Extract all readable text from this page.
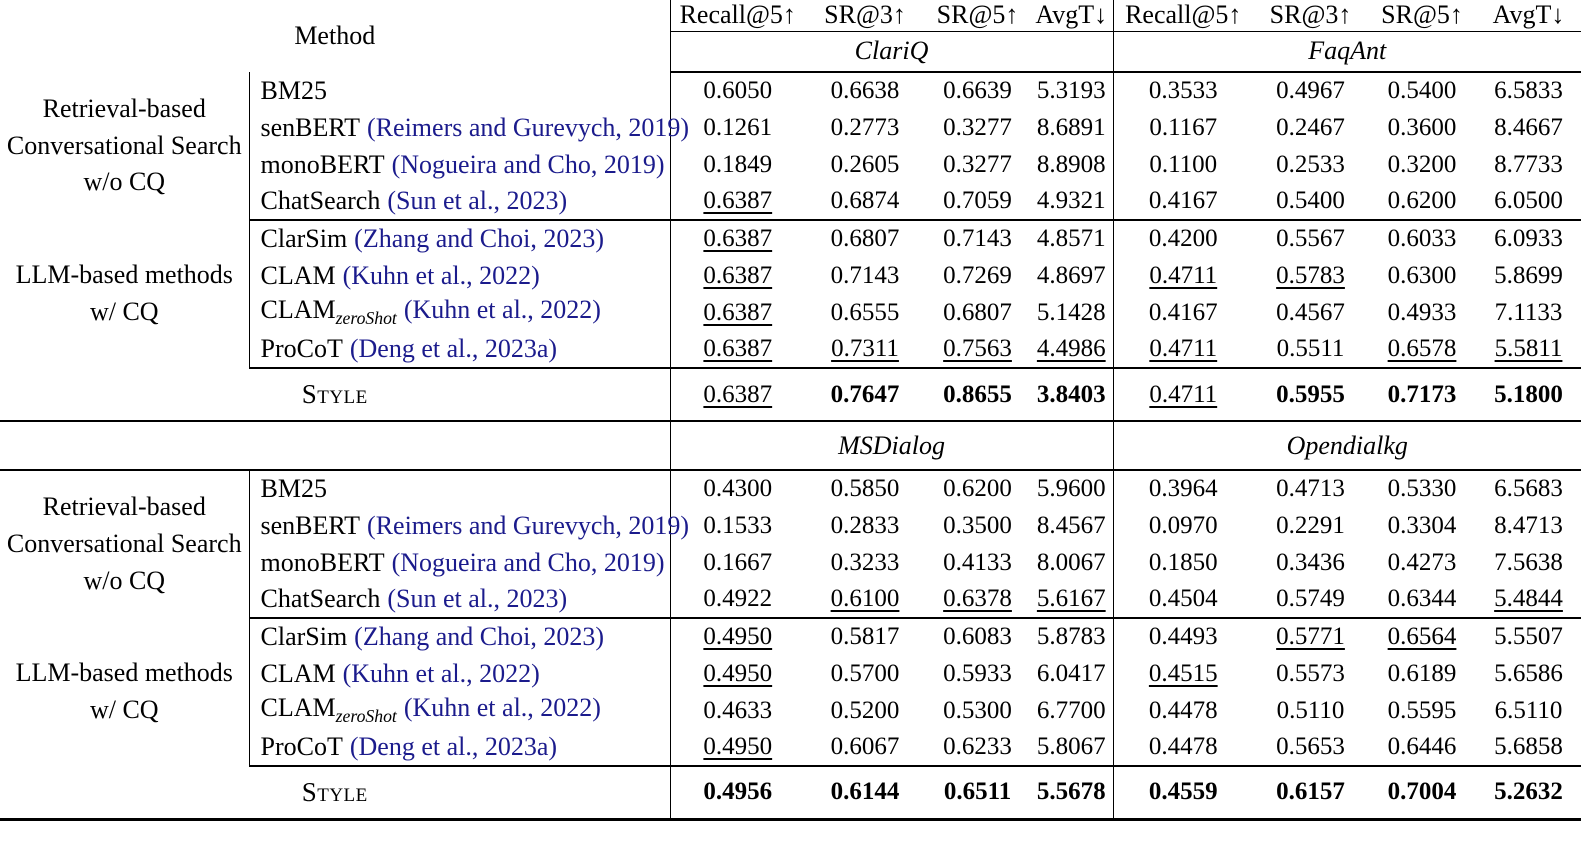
Method		Recall@5↑	SR@3↑	SR@5↑	AvgT↓	Recall@5↑	SR@3↑	SR@5↑	AvgT↓
		ClariQ				FaqAnt			
Retrieval-based
Conversational Search
w/o CQ	BM25	0.6050	0.6638	0.6639	5.3193	0.3533	0.4967	0.5400	6.5833
	senBERT (Reimers and Gurevych, 2019)	0.1261	0.2773	0.3277	8.6891	0.1167	0.2467	0.3600	8.4667
	monoBERT (Nogueira and Cho, 2019)	0.1849	0.2605	0.3277	8.8908	0.1100	0.2533	0.3200	8.7733
	ChatSearch (Sun et al., 2023)	0.6387	0.6874	0.7059	4.9321	0.4167	0.5400	0.6200	6.0500
LLM-based methods
w/ CQ	ClarSim (Zhang and Choi, 2023)	0.6387	0.6807	0.7143	4.8571	0.4200	0.5567	0.6033	6.0933
	CLAM (Kuhn et al., 2022)	0.6387	0.7143	0.7269	4.8697	0.4711	0.5783	0.6300	5.8699
	$CLAM_{zeroShot}$ (Kuhn et al., 2022)	0.6387	0.6555	0.6807	5.1428	0.4167	0.4567	0.4933	7.1133
	ProCoT (Deng et al., 2023a)	0.6387	0.7311	0.7563	4.4986	0.4711	0.5511	0.6578	5.5811
Style		0.6387	0.7647	0.8655	3.8403	0.4711	0.5955	0.7173	5.1800
		MSDialog				Opendialkg			
Retrieval-based
Conversational Search
w/o CQ	BM25	0.4300	0.5850	0.6200	5.9600	0.3964	0.4713	0.5330	6.5683
	senBERT (Reimers and Gurevych, 2019)	0.1533	0.2833	0.3500	8.4567	0.0970	0.2291	0.3304	8.4713
	monoBERT (Nogueira and Cho, 2019)	0.1667	0.3233	0.4133	8.0067	0.1850	0.3436	0.4273	7.5638
	ChatSearch (Sun et al., 2023)	0.4922	0.6100	0.6378	5.6167	0.4504	0.5749	0.6344	5.4844
LLM-based methods
w/ CQ	ClarSim (Zhang and Choi, 2023)	0.4950	0.5817	0.6083	5.8783	0.4493	0.5771	0.6564	5.5507
	CLAM (Kuhn et al., 2022)	0.4950	0.5700	0.5933	6.0417	0.4515	0.5573	0.6189	5.6586
	$CLAM_{zeroShot}$ (Kuhn et al., 2022)	0.4633	0.5200	0.5300	6.7700	0.4478	0.5110	0.5595	6.5110
	ProCoT (Deng et al., 2023a)	0.4950	0.6067	0.6233	5.8067	0.4478	0.5653	0.6446	5.6858
Style		0.4956	0.6144	0.6511	5.5678	0.4559	0.6157	0.7004	5.2632
